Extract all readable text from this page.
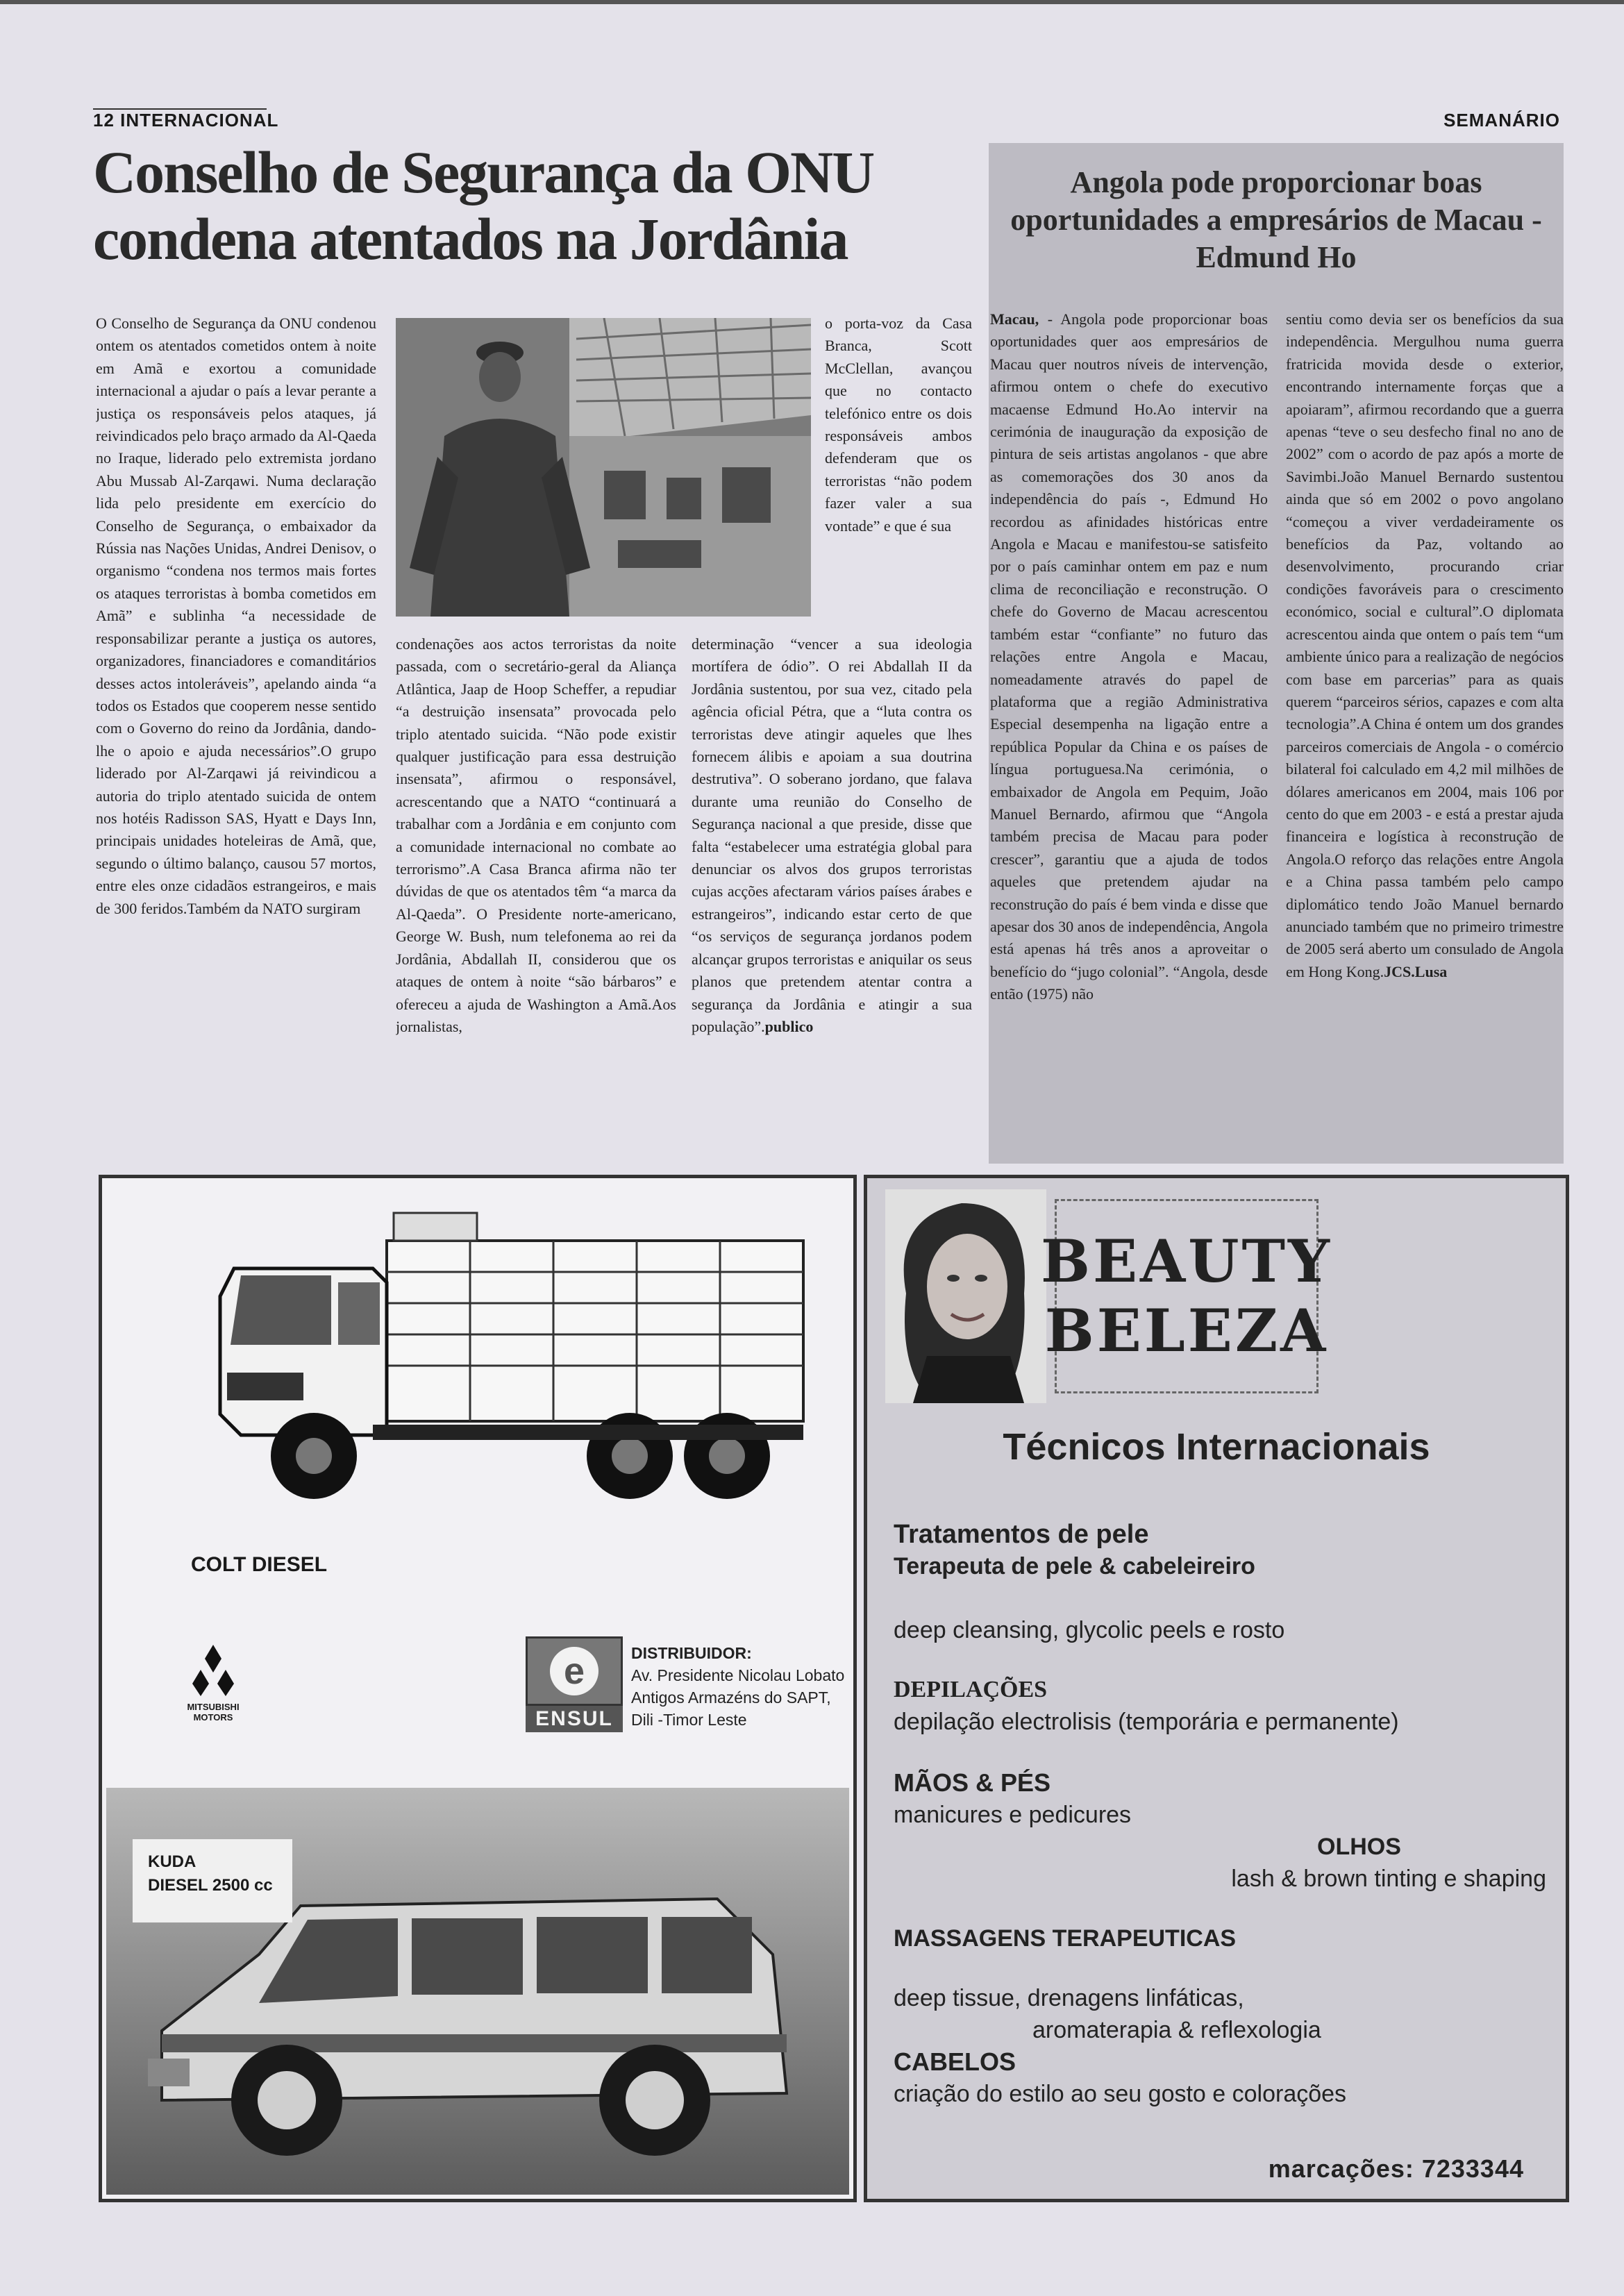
12 INTERNACIONAL	SEMANÁRIO
Conselho de Segurança da ONU
condena atentados na Jordânia

O Conselho de Segurança da ONU condenou ontem os atentados cometidos ontem à noite em Amã e exortou a comunidade internacional a ajudar o país a levar perante a justiça os responsáveis pelos ataques, já reivindicados pelo braço armado da Al-Qaeda no Iraque, liderado pelo extremista jordano Abu Mussab Al-Zarqawi. Numa declaração lida pelo presidente em exercício do Conselho de Segurança, o embaixador da Rússia nas Nações Unidas, Andrei Denisov, o organismo “condena nos termos mais fortes os ataques terroristas à bomba cometidos em Amã” e sublinha “a necessidade de responsabilizar perante a justiça os autores, organizadores, financiadores e comanditários desses actos intoleráveis”, apelando ainda “a todos os Estados que cooperem nesse sentido com o Governo do reino da Jordânia, dando-lhe o apoio e ajuda necessários”.O grupo liderado por Al-Zarqawi já reivindicou a autoria do triplo atentado suicida de ontem nos hotéis Radisson SAS, Hyatt e Days Inn, principais unidades hoteleiras de Amã, que, segundo o último balanço, causou 57 mortos, entre eles onze cidadãos estrangeiros, e mais de 300 feridos.Também da NATO surgiram

condenações aos actos terroristas da noite passada, com o secretário-geral da Aliança Atlântica, Jaap de Hoop Scheffer, a repudiar “a destruição insensata” provocada pelo triplo atentado suicida. “Não pode existir qualquer justificação para essa destruição insensata”, afirmou o responsável, acrescentando que a NATO “continuará a trabalhar com a Jordânia e em conjunto com a comunidade internacional no combate ao terrorismo”.A Casa Branca afirma não ter dúvidas de que os atentados têm “a marca da Al-Qaeda”. O Presidente norte-americano, George W. Bush, num telefonema ao rei da Jordânia, Abdallah II, considerou que os ataques de ontem à noite “são bárbaros” e ofereceu a ajuda de Washington a Amã.Aos jornalistas,

o porta-voz da Casa Branca, Scott McClellan, avançou que no contacto telefónico entre os dois responsáveis ambos defenderam que os terroristas “não podem fazer valer a sua vontade” e que é sua

determinação “vencer a sua ideologia mortífera de ódio”. O rei Abdallah II da Jordânia sustentou, por sua vez, citado pela agência oficial Pétra, que a “luta contra os terroristas deve atingir aqueles que lhes fornecem álibis e apoiam a sua doutrina destrutiva”. O soberano jordano, que falava durante uma reunião do Conselho de Segurança nacional a que preside, disse que falta “estabelecer uma estratégia global para denunciar os alvos dos grupos terroristas cujas acções afectaram vários países árabes e estrangeiros”, indicando estar certo de que “os serviços de segurança jordanos podem alcançar grupos terroristas e aniquilar os seus planos que pretendem atentar contra a segurança da Jordânia e atingir a sua população”.publico

Angola pode proporcionar boas oportunidades a empresários de Macau - Edmund Ho

Macau, - Angola pode proporcionar boas oportunidades quer aos empresários de Macau quer noutros níveis de intervenção, afirmou ontem o chefe do executivo macaense Edmund Ho.Ao intervir na cerimónia de inauguração da exposição de pintura de seis artistas angolanos - que abre as comemorações dos 30 anos da independência do país -, Edmund Ho recordou as afinidades históricas entre Angola e Macau e manifestou-se satisfeito por o país caminhar ontem em paz e num clima de reconciliação e reconstrução. O chefe do Governo de Macau acrescentou também estar “confiante” no futuro das relações entre Angola e Macau, nomeadamente através do papel de plataforma que a região Administrativa Especial desempenha na ligação entre a república Popular da China e os países de língua portuguesa.Na cerimónia, o embaixador de Angola em Pequim, João Manuel Bernardo, afirmou que “Angola também precisa de Macau para poder crescer”, garantiu que a ajuda de todos aqueles que pretendem ajudar na reconstrução do país é bem vinda e disse que apesar dos 30 anos de independência, Angola está apenas há três anos a aproveitar o benefício do “jugo colonial”. “Angola, desde então (1975) não

sentiu como devia ser os benefícios da sua independência. Mergulhou numa guerra fratricida movida desde o exterior, encontrando internamente forças que a apoiaram”, afirmou recordando que a guerra apenas “teve o seu desfecho final no ano de 2002” com o acordo de paz após a morte de Savimbi.João Manuel Bernardo sustentou ainda que só em 2002 o povo angolano “começou a viver verdadeiramente os benefícios da Paz, voltando ao desenvolvimento, procurando criar condições favoráveis para o crescimento económico, social e cultural”.O diplomata acrescentou ainda que ontem o país tem “um ambiente único para a realização de negócios com base em parcerias” para as quais querem “parceiros sérios, capazes e com alta tecnologia”.A China é ontem um dos grandes parceiros comerciais de Angola - o comércio bilateral foi calculado em 4,2 mil milhões de dólares americanos em 2004, mais 106 por cento do que em 2003 - e está a prestar ajuda financeira e logística à reconstrução de Angola.O reforço das relações entre Angola e a China passa também pelo campo diplomático tendo João Manuel bernardo anunciado também que no primeiro trimestre de 2005 será aberto um consulado de Angola em Hong Kong.JCS.Lusa

MITSUBISHI
COLT DIESEL
MITSUBISHI MOTORS
e
ENSUL
DISTRIBUIDOR:
Av. Presidente Nicolau Lobato
Antigos Armazéns do SAPT,
Dili -Timor Leste
KUDA
DIESEL 2500 cc
BEAUTY
BELEZA
Técnicos Internacionais
Tratamentos de pele
Terapeuta de pele & cabeleireiro
deep cleansing, glycolic peels e rosto
DEPILAÇÕES
depilação electrolisis (temporária e permanente)
MÃOS & PÉS
manicures e pedicures
OLHOS
lash & brown tinting e shaping
MASSAGENS TERAPEUTICAS
deep tissue, drenagens linfáticas,
aromaterapia & reflexologia
CABELOS
criação do estilo ao seu gosto e colorações
marcações: 7233344
